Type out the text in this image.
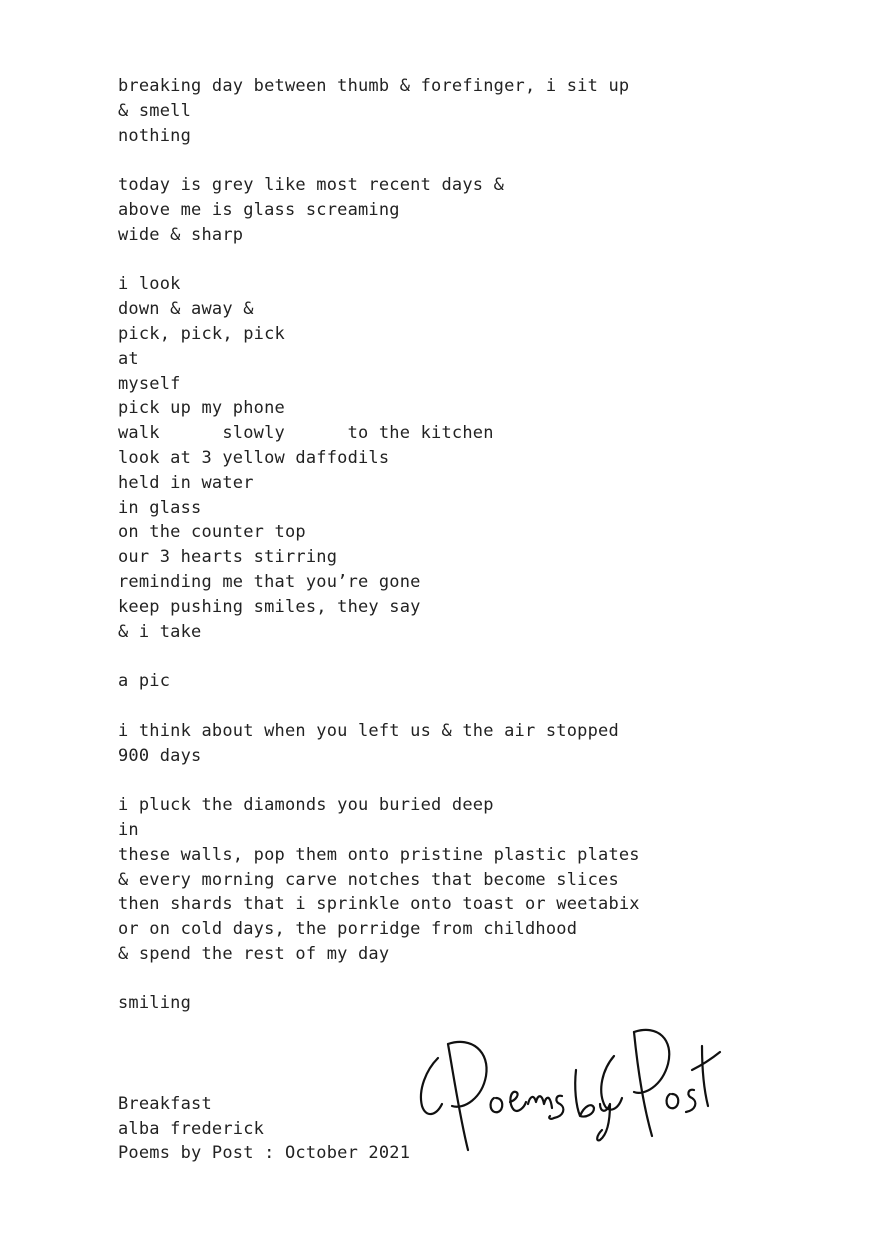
breaking day between thumb & forefinger, i sit up
& smell
nothing
today is grey like most recent days &
above me is glass screaming
wide & sharp
i look
down & away &
pick, pick, pick
at
myself
pick up my phone
walk      slowly      to the kitchen
look at 3 yellow daffodils
held in water
in glass
on the counter top
our 3 hearts stirring
reminding me that you’re gone
keep pushing smiles, they say
& i take
a pic
i think about when you left us & the air stopped
900 days
i pluck the diamonds you buried deep
in
these walls, pop them onto pristine plastic plates
& every morning carve notches that become slices
then shards that i sprinkle onto toast or weetabix
or on cold days, the porridge from childhood
& spend the rest of my day
smiling
Breakfast
alba frederick
Poems by Post : October 2021
